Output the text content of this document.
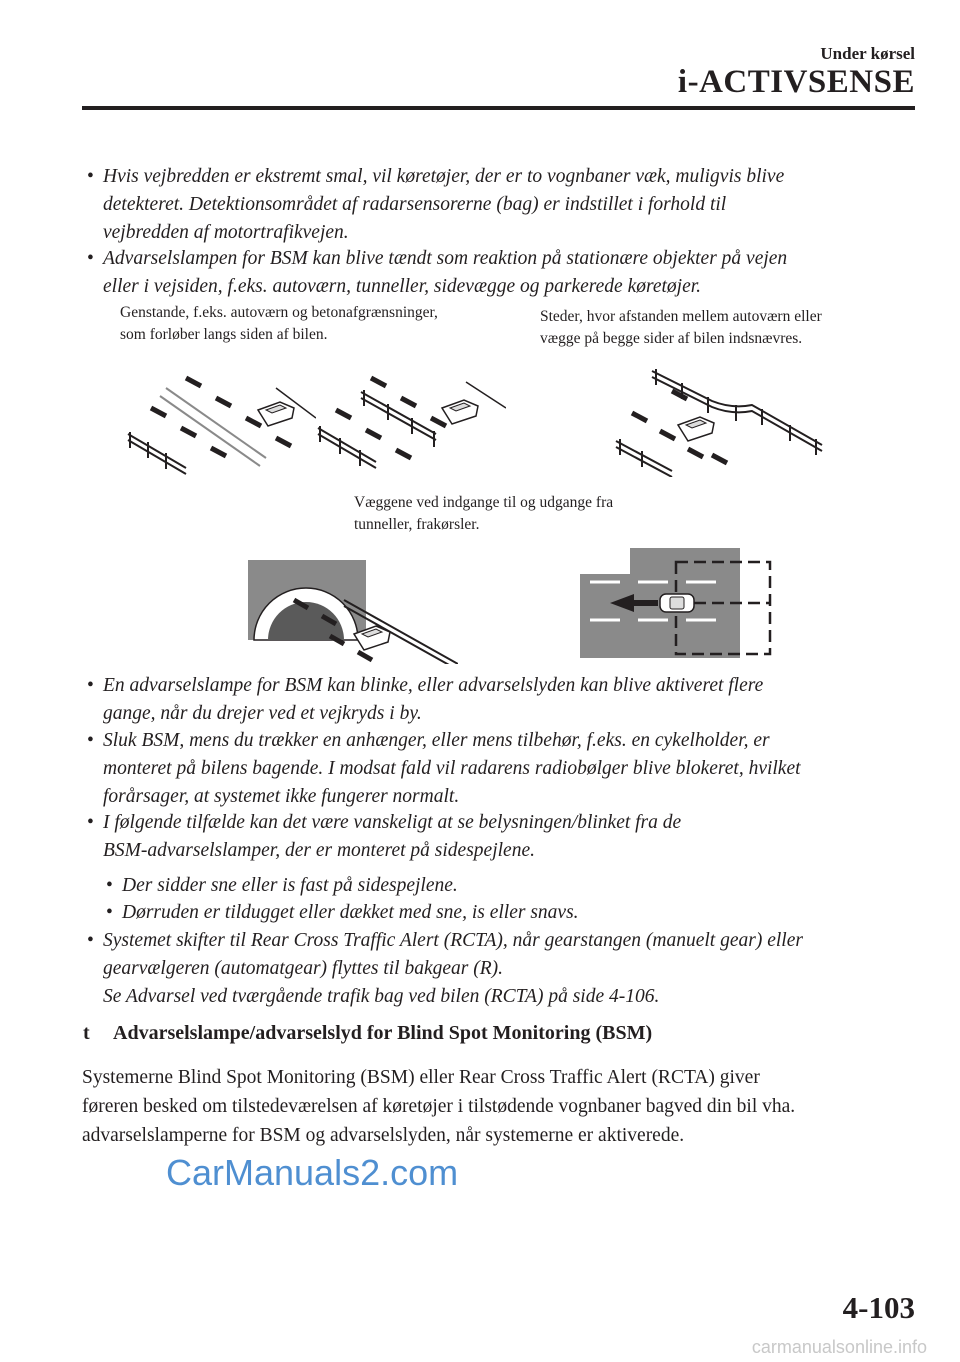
Under kørsel
i-ACTIVSENSE
• Hvis vejbredden er ekstremt smal, vil køretøjer, der er to vognbaner væk, muligvis blive
detekteret. Detektionsområdet af radarsensorerne (bag) er indstillet i forhold til
vejbredden af motortrafikvejen.
• Advarselslampen for BSM kan blive tændt som reaktion på stationære objekter på vejen
eller i vejsiden, f.eks. autoværn, tunneller, sidevægge og parkerede køretøjer.
Genstande, f.eks. autoværn og betonafgrænsninger,
som forløber langs siden af bilen.
Steder, hvor afstanden mellem autoværn eller
vægge på begge sider af bilen indsnævres.
Væggene ved indgange til og udgange fra
tunneller, frakørsler.
• En advarselslampe for BSM kan blinke, eller advarselslyden kan blive aktiveret flere
gange, når du drejer ved et vejkryds i by.
• Sluk BSM, mens du trækker en anhænger, eller mens tilbehør, f.eks. en cykelholder, er
monteret på bilens bagende. I modsat fald vil radarens radiobølger blive blokeret, hvilket
forårsager, at systemet ikke fungerer normalt.
• I følgende tilfælde kan det være vanskeligt at se belysningen/blinket fra de
BSM-advarselslamper, der er monteret på sidespejlene.
• Der sidder sne eller is fast på sidespejlene.
• Dørruden er tildugget eller dækket med sne, is eller snavs.
• Systemet skifter til Rear Cross Traffic Alert (RCTA), når gearstangen (manuelt gear) eller
gearvælgeren (automatgear) flyttes til bakgear (R).
Se Advarsel ved tværgående trafik bag ved bilen (RCTA) på side 4-106.
t Advarselslampe/advarselslyd for Blind Spot Monitoring (BSM)
Systemerne Blind Spot Monitoring (BSM) eller Rear Cross Traffic Alert (RCTA) giver
føreren besked om tilstedeværelsen af køretøjer i tilstødende vognbaner bagved din bil vha.
advarselslamperne for BSM og advarselslyden, når systemerne er aktiverede.
CarManuals2.com
4-103
carmanualsonline.info
